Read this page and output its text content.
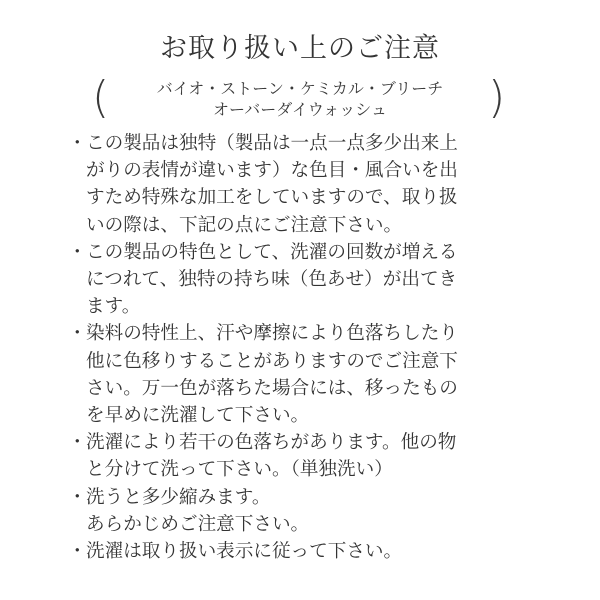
お取り扱い上のご注意
(	バイオ・ストーン・ケミカル・ブリーチ
オーバーダイウォッシュ	)
・ この製品は独特（製品は一点一点多少出来上
がりの表情が違います）な色目・風合いを出
すため特殊な加工をしていますので、取り扱
いの際は、下記の点にご注意下さい。
・ この製品の特色として、洗濯の回数が増える
につれて、独特の持ち味（色あせ）が出てき
ます。
・ 染料の特性上、汗や摩擦により色落ちしたり
他に色移りすることがありますのでご注意下
さい。万一色が落ちた場合には、移ったもの
を早めに洗濯して下さい。
・ 洗濯により若干の色落ちがあります。他の物
と分けて洗って下さい。（単独洗い）
・ 洗うと多少縮みます。
あらかじめご注意下さい。
・ 洗濯は取り扱い表示に従って下さい。
